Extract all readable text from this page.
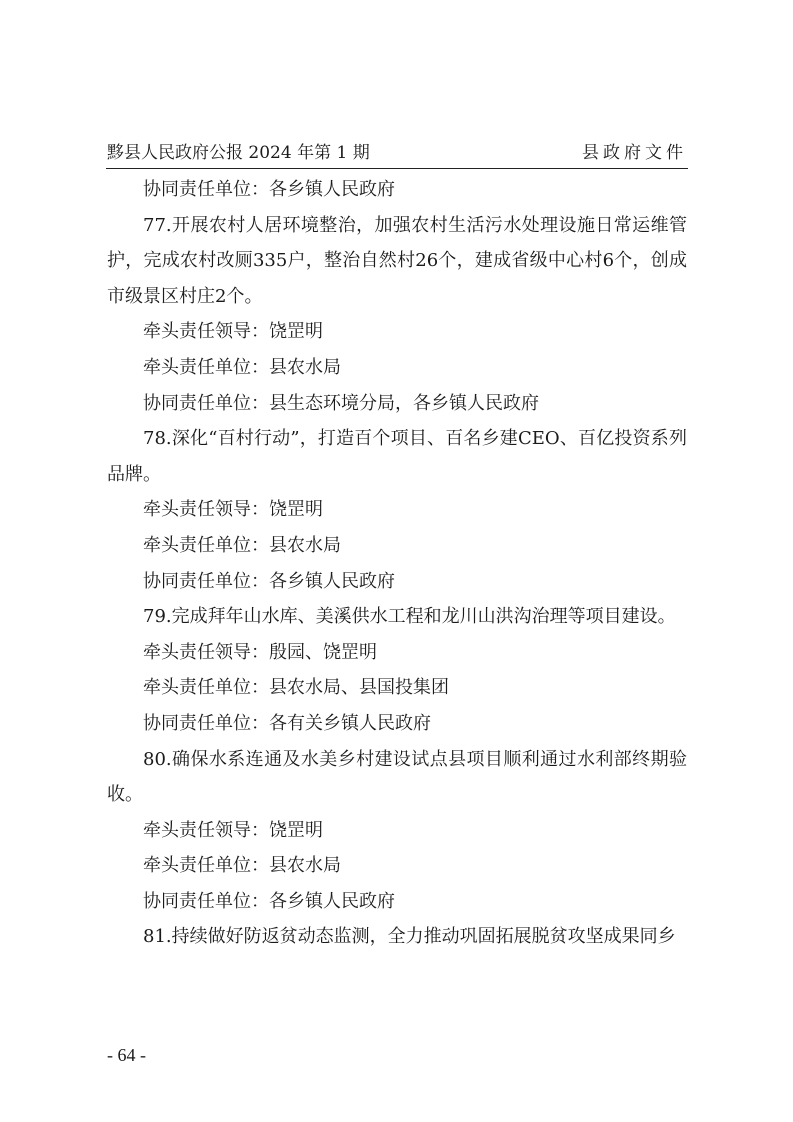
黟县人民政府公报 2024 年第 1 期	县政府文件

协同责任单位：各乡镇人民政府

77.开展农村人居环境整治，加强农村生活污水处理设施日常运维管护，完成农村改厕335户，整治自然村26个，建成省级中心村6个，创成市级景区村庄2个。

牵头责任领导：饶罡明

牵头责任单位：县农水局

协同责任单位：县生态环境分局，各乡镇人民政府

78.深化“百村行动”，打造百个项目、百名乡建CEO、百亿投资系列品牌。

牵头责任领导：饶罡明

牵头责任单位：县农水局

协同责任单位：各乡镇人民政府

79.完成拜年山水库、美溪供水工程和龙川山洪沟治理等项目建设。

牵头责任领导：殷园、饶罡明

牵头责任单位：县农水局、县国投集团

协同责任单位：各有关乡镇人民政府

80.确保水系连通及水美乡村建设试点县项目顺利通过水利部终期验收。

牵头责任领导：饶罡明

牵头责任单位：县农水局

协同责任单位：各乡镇人民政府

81.持续做好防返贫动态监测，全力推动巩固拓展脱贫攻坚成果同乡

- 64 -
